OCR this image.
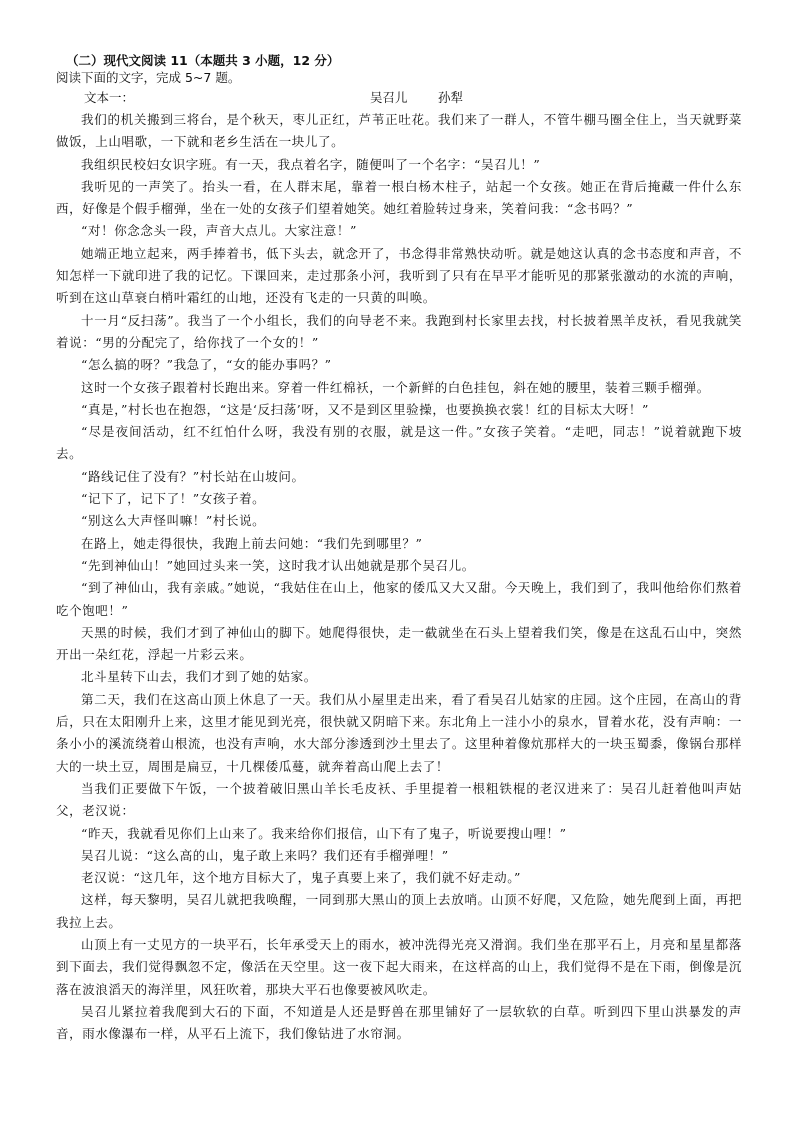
（二）现代文阅读 11（本题共 3 小题，12 分）

阅读下面的文字，完成 5~7 题。

文本一：	吴召儿 孙犁

我们的机关搬到三将台，是个秋天，枣儿正红，芦苇正吐花。我们来了一群人，不管牛棚马圈全住上，当天就野菜做饭，上山唱歌，一下就和老乡生活在一块儿了。

我组织民校妇女识字班。有一天，我点着名字，随便叫了一个名字：“吴召儿！”

我听见的一声笑了。抬头一看，在人群末尾，靠着一根白杨木柱子，站起一个女孩。她正在背后掩藏一件什么东西，好像是个假手榴弹，坐在一处的女孩子们望着她笑。她红着脸转过身来，笑着问我：“念书吗？”

“对！你念念头一段，声音大点儿。大家注意！”

她端正地立起来，两手捧着书，低下头去，就念开了，书念得非常熟快动听。就是她这认真的念书态度和声音，不知怎样一下就印进了我的记忆。下课回来，走过那条小河，我听到了只有在早平才能听见的那紧张激动的水流的声响，听到在这山草衰白梢叶霜红的山地，还没有飞走的一只黄的叫唤。

十一月“反扫荡”。我当了一个小组长，我们的向导老不来。我跑到村长家里去找，村长披着黑羊皮袄，看见我就笑着说：“男的分配完了，给你找了一个女的！”

“怎么搞的呀？”我急了，“女的能办事吗？”

这时一个女孩子跟着村长跑出来。穿着一件红棉袄，一个新鲜的白色挂包，斜在她的腰里，装着三颗手榴弹。

“真是，”村长也在抱怨，“这是‘反扫荡’呀，又不是到区里验操，也要换换衣裳！红的目标太大呀！”

“尽是夜间活动，红不红怕什么呀，我没有别的衣服，就是这一件。”女孩子笑着。“走吧，同志！”说着就跑下坡去。

“路线记住了没有？”村长站在山坡问。

“记下了，记下了！”女孩子着。

“别这么大声怪叫嘛！”村长说。

在路上，她走得很快，我跑上前去问她：“我们先到哪里？”

“先到神仙山！”她回过头来一笑，这时我才认出她就是那个吴召儿。

“到了神仙山，我有亲戚。”她说，“我姑住在山上，他家的倭瓜又大又甜。今天晚上，我们到了，我叫他给你们熬着吃个饱吧！”

天黑的时候，我们才到了神仙山的脚下。她爬得很快，走一截就坐在石头上望着我们笑，像是在这乱石山中，突然开出一朵红花，浮起一片彩云来。

北斗星转下山去，我们才到了她的姑家。

第二天，我们在这高山顶上休息了一天。我们从小屋里走出来，看了看吴召儿姑家的庄园。这个庄园，在高山的背后，只在太阳刚升上来，这里才能见到光亮，很快就又阴暗下来。东北角上一洼小小的泉水，冒着水花，没有声响：一条小小的溪流绕着山根流，也没有声响，水大部分渗透到沙土里去了。这里种着像炕那样大的一块玉蜀黍，像锅台那样大的一块土豆，周围是扁豆，十几棵倭瓜蔓，就奔着高山爬上去了！

当我们正要做下午饭，一个披着破旧黑山羊长毛皮袄、手里提着一根粗铁棍的老汉进来了：吴召儿赶着他叫声姑父，老汉说：

“昨天，我就看见你们上山来了。我来给你们报信，山下有了鬼子，听说要搜山哩！”

吴召儿说：“这么高的山，鬼子敢上来吗？我们还有手榴弹哩！”

老汉说：“这几年，这个地方目标大了，鬼子真要上来了，我们就不好走动。”

这样，每天黎明，吴召儿就把我唤醒，一同到那大黑山的顶上去放哨。山顶不好爬，又危险，她先爬到上面，再把我拉上去。

山顶上有一丈见方的一块平石，长年承受天上的雨水，被冲洗得光亮又滑润。我们坐在那平石上，月亮和星星都落到下面去，我们觉得飘忽不定，像活在天空里。这一夜下起大雨来，在这样高的山上，我们觉得不是在下雨，倒像是沉落在波浪滔天的海洋里，风狂吹着，那块大平石也像要被风吹走。

吴召儿紧拉着我爬到大石的下面，不知道是人还是野兽在那里铺好了一层软软的白草。听到四下里山洪暴发的声音，雨水像瀑布一样，从平石上流下，我们像钻进了水帘洞。
